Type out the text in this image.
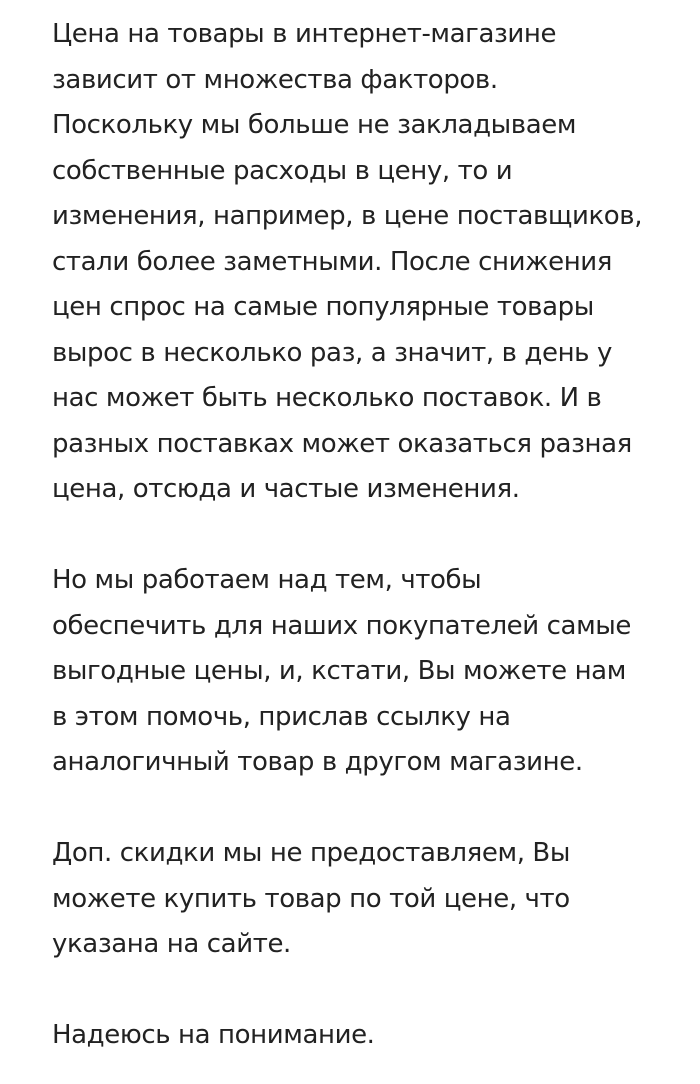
Цена на товары в интернет-магазине
зависит от множества факторов.
Поскольку мы больше не закладываем
собственные расходы в цену, то и
изменения, например, в цене поставщиков,
стали более заметными. После снижения
цен спрос на самые популярные товары
вырос в несколько раз, а значит, в день у
нас может быть несколько поставок. И в
разных поставках может оказаться разная
цена, отсюда и частые изменения.

Но мы работаем над тем, чтобы
обеспечить для наших покупателей самые
выгодные цены, и, кстати, Вы можете нам
в этом помочь, прислав ссылку на
аналогичный товар в другом магазине.

Доп. скидки мы не предоставляем, Вы
можете купить товар по той цене, что
указана на сайте.

Надеюсь на понимание.
